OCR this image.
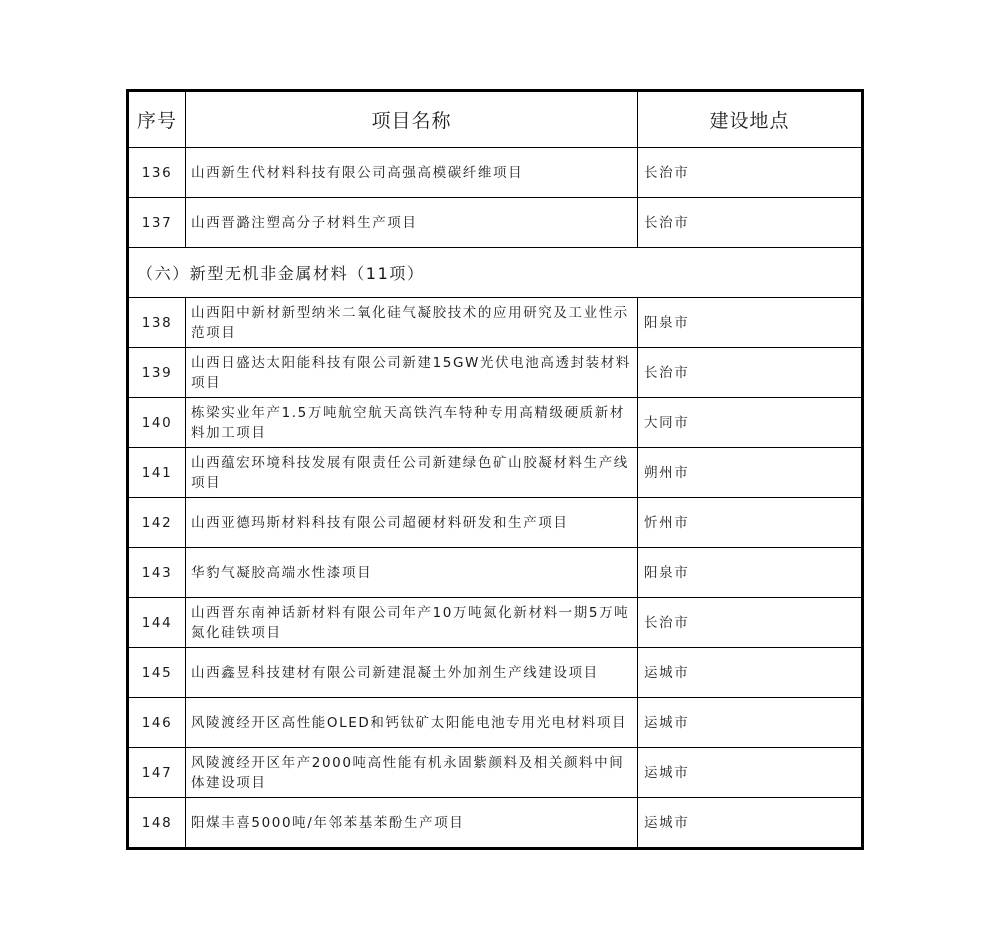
序号	项目名称	建设地点
136	山西新生代材料科技有限公司高强高模碳纤维项目	长治市
137	山西晋潞注塑高分子材料生产项目	长治市
（六）新型无机非金属材料（11项）		
138	山西阳中新材新型纳米二氧化硅气凝胶技术的应用研究及工业性示范项目	阳泉市
139	山西日盛达太阳能科技有限公司新建15GW光伏电池高透封装材料项目	长治市
140	栋梁实业年产1.5万吨航空航天高铁汽车特种专用高精级硬质新材料加工项目	大同市
141	山西蕴宏环境科技发展有限责任公司新建绿色矿山胶凝材料生产线项目	朔州市
142	山西亚德玛斯材料科技有限公司超硬材料研发和生产项目	忻州市
143	华豹气凝胶高端水性漆项目	阳泉市
144	山西晋东南神话新材料有限公司年产10万吨氮化新材料一期5万吨氮化硅铁项目	长治市
145	山西鑫昱科技建材有限公司新建混凝土外加剂生产线建设项目	运城市
146	风陵渡经开区高性能OLED和钙钛矿太阳能电池专用光电材料项目	运城市
147	风陵渡经开区年产2000吨高性能有机永固紫颜料及相关颜料中间体建设项目	运城市
148	阳煤丰喜5000吨/年邻苯基苯酚生产项目	运城市
